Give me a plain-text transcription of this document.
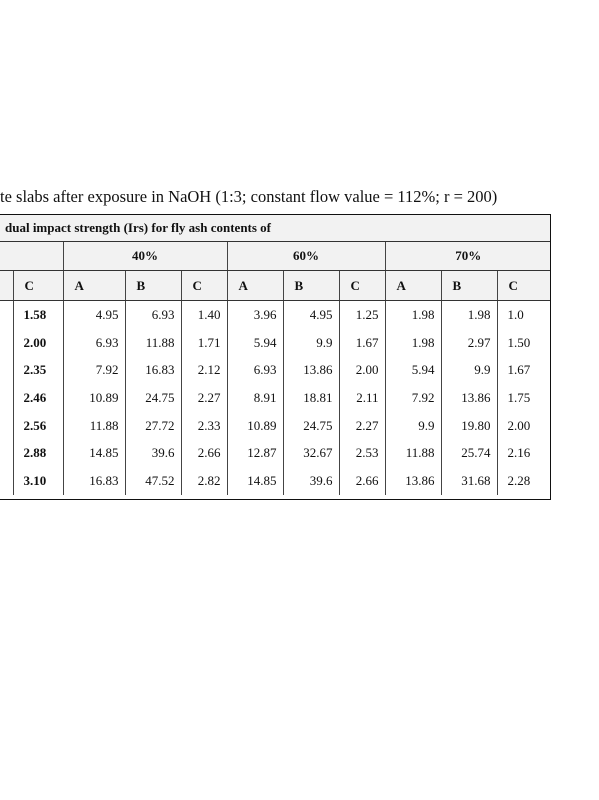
te slabs after exposure in NaOH (1:3; constant flow value = 112%; r = 200)
dual impact strength (Irs) for fly ash contents of										
		40%			60%			70%		
	C	A	B	C	A	B	C	A	B	C
	1.58	4.95	6.93	1.40	3.96	4.95	1.25	1.98	1.98	1.0
	2.00	6.93	11.88	1.71	5.94	9.9	1.67	1.98	2.97	1.50
	2.35	7.92	16.83	2.12	6.93	13.86	2.00	5.94	9.9	1.67
	2.46	10.89	24.75	2.27	8.91	18.81	2.11	7.92	13.86	1.75
	2.56	11.88	27.72	2.33	10.89	24.75	2.27	9.9	19.80	2.00
	2.88	14.85	39.6	2.66	12.87	32.67	2.53	11.88	25.74	2.16
	3.10	16.83	47.52	2.82	14.85	39.6	2.66	13.86	31.68	2.28
